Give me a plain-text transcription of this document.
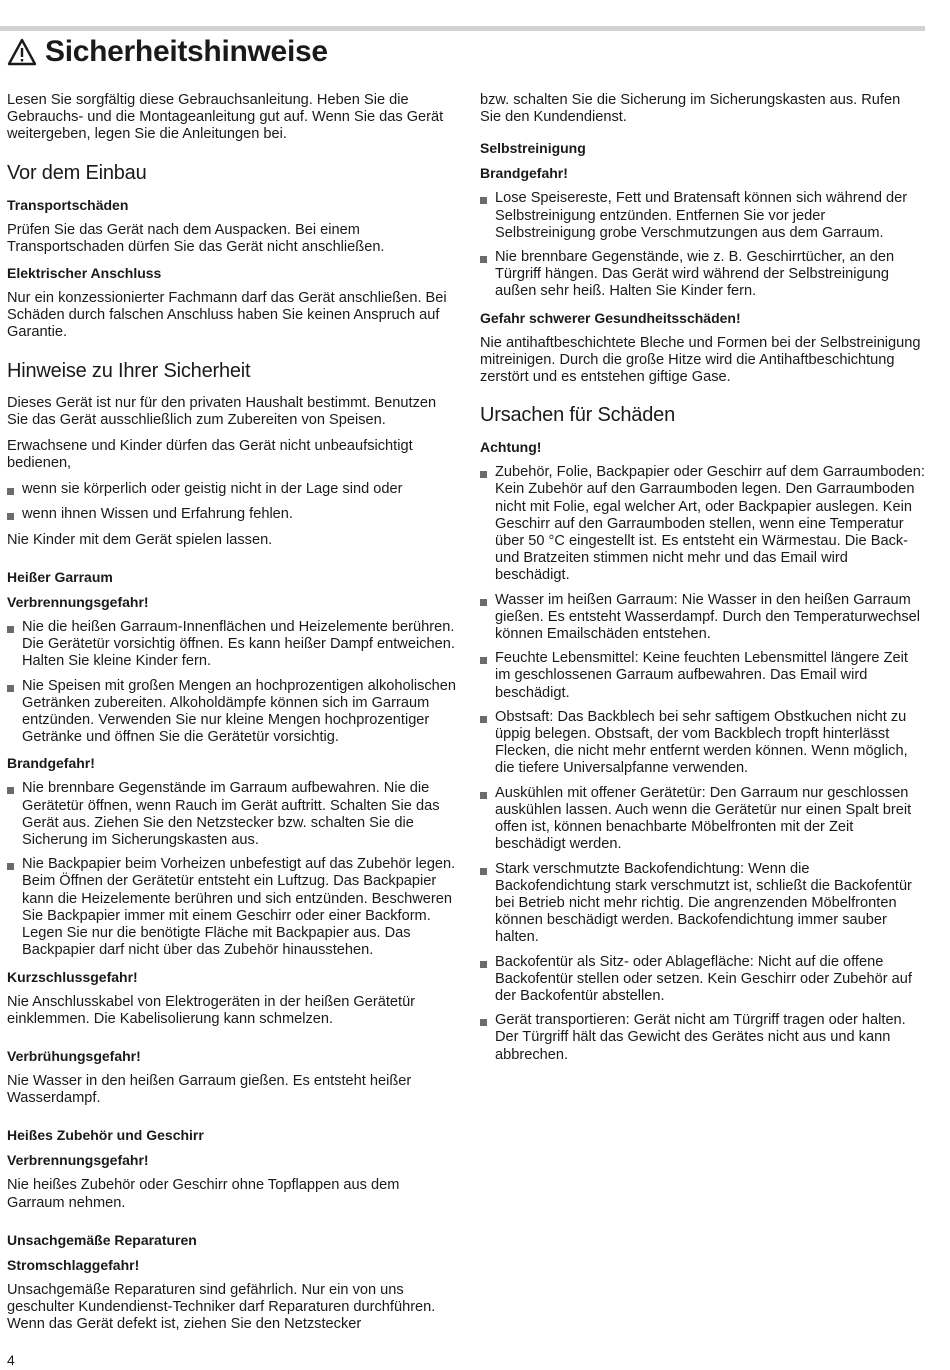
Sicherheitshinweise

Lesen Sie sorgfältig diese Gebrauchsanleitung. Heben Sie die Gebrauchs- und die Montageanleitung gut auf. Wenn Sie das Gerät weitergeben, legen Sie die Anleitungen bei.

Vor dem Einbau
Transportschäden

Prüfen Sie das Gerät nach dem Auspacken. Bei einem Transportschaden dürfen Sie das Gerät nicht anschließen.

Elektrischer Anschluss

Nur ein konzessionierter Fachmann darf das Gerät anschließen. Bei Schäden durch falschen Anschluss haben Sie keinen Anspruch auf Garantie.

Hinweise zu Ihrer Sicherheit

Dieses Gerät ist nur für den privaten Haushalt bestimmt. Benutzen Sie das Gerät ausschließlich zum Zubereiten von Speisen.

Erwachsene und Kinder dürfen das Gerät nicht unbeaufsichtigt bedienen,

wenn sie körperlich oder geistig nicht in der Lage sind oder
wenn ihnen Wissen und Erfahrung fehlen.

Nie Kinder mit dem Gerät spielen lassen.

Heißer Garraum
Verbrennungsgefahr!
Nie die heißen Garraum-Innenflächen und Heizelemente berühren. Die Gerätetür vorsichtig öffnen. Es kann heißer Dampf entweichen. Halten Sie kleine Kinder fern.
Nie Speisen mit großen Mengen an hochprozentigen alkoholischen Getränken zubereiten. Alkoholdämpfe können sich im Garraum entzünden. Verwenden Sie nur kleine Mengen hochprozentiger Getränke und öffnen Sie die Gerätetür vorsichtig.
Brandgefahr!
Nie brennbare Gegenstände im Garraum aufbewahren. Nie die Gerätetür öffnen, wenn Rauch im Gerät auftritt. Schalten Sie das Gerät aus. Ziehen Sie den Netzstecker bzw. schalten Sie die Sicherung im Sicherungskasten aus.
Nie Backpapier beim Vorheizen unbefestigt auf das Zubehör legen. Beim Öffnen der Gerätetür entsteht ein Luftzug. Das Backpapier kann die Heizelemente berühren und sich entzünden. Beschweren Sie Backpapier immer mit einem Geschirr oder einer Backform. Legen Sie nur die benötigte Fläche mit Backpapier aus. Das Backpapier darf nicht über das Zubehör hinausstehen.
Kurzschlussgefahr!

Nie Anschlusskabel von Elektrogeräten in der heißen Gerätetür einklemmen. Die Kabelisolierung kann schmelzen.

Verbrühungsgefahr!

Nie Wasser in den heißen Garraum gießen. Es entsteht heißer Wasserdampf.

Heißes Zubehör und Geschirr
Verbrennungsgefahr!

Nie heißes Zubehör oder Geschirr ohne Topflappen aus dem Garraum nehmen.

Unsachgemäße Reparaturen
Stromschlaggefahr!

Unsachgemäße Reparaturen sind gefährlich. Nur ein von uns geschulter Kundendienst-Techniker darf Reparaturen durchführen. Wenn das Gerät defekt ist, ziehen Sie den Netzstecker

bzw. schalten Sie die Sicherung im Sicherungskasten aus. Rufen Sie den Kundendienst.

Selbstreinigung
Brandgefahr!
Lose Speisereste, Fett und Bratensaft können sich während der Selbstreinigung entzünden. Entfernen Sie vor jeder Selbstreinigung grobe Verschmutzungen aus dem Garraum.
Nie brennbare Gegenstände, wie z. B. Geschirrtücher, an den Türgriff hängen. Das Gerät wird während der Selbstreinigung außen sehr heiß. Halten Sie Kinder fern.
Gefahr schwerer Gesundheitsschäden!

Nie antihaftbeschichtete Bleche und Formen bei der Selbstreinigung mitreinigen. Durch die große Hitze wird die Antihaftbeschichtung zerstört und es entstehen giftige Gase.

Ursachen für Schäden
Achtung!
Zubehör, Folie, Backpapier oder Geschirr auf dem Garraumboden: Kein Zubehör auf den Garraumboden legen. Den Garraumboden nicht mit Folie, egal welcher Art, oder Backpapier auslegen. Kein Geschirr auf den Garraumboden stellen, wenn eine Temperatur über 50 °C eingestellt ist. Es entsteht ein Wärmestau. Die Back- und Bratzeiten stimmen nicht mehr und das Email wird beschädigt.
Wasser im heißen Garraum: Nie Wasser in den heißen Garraum gießen. Es entsteht Wasserdampf. Durch den Temperaturwechsel können Emailschäden entstehen.
Feuchte Lebensmittel: Keine feuchten Lebensmittel längere Zeit im geschlossenen Garraum aufbewahren. Das Email wird beschädigt.
Obstsaft: Das Backblech bei sehr saftigem Obstkuchen nicht zu üppig belegen. Obstsaft, der vom Backblech tropft hinterlässt Flecken, die nicht mehr entfernt werden können. Wenn möglich, die tiefere Universalpfanne verwenden.
Auskühlen mit offener Gerätetür: Den Garraum nur geschlossen auskühlen lassen. Auch wenn die Gerätetür nur einen Spalt breit offen ist, können benachbarte Möbelfronten mit der Zeit beschädigt werden.
Stark verschmutzte Backofendichtung: Wenn die Backofendichtung stark verschmutzt ist, schließt die Backofentür bei Betrieb nicht mehr richtig. Die angrenzenden Möbelfronten können beschädigt werden. Backofendichtung immer sauber halten.
Backofentür als Sitz- oder Ablagefläche: Nicht auf die offene Backofentür stellen oder setzen. Kein Geschirr oder Zubehör auf der Backofentür abstellen.
Gerät transportieren: Gerät nicht am Türgriff tragen oder halten. Der Türgriff hält das Gewicht des Gerätes nicht aus und kann abbrechen.

4
